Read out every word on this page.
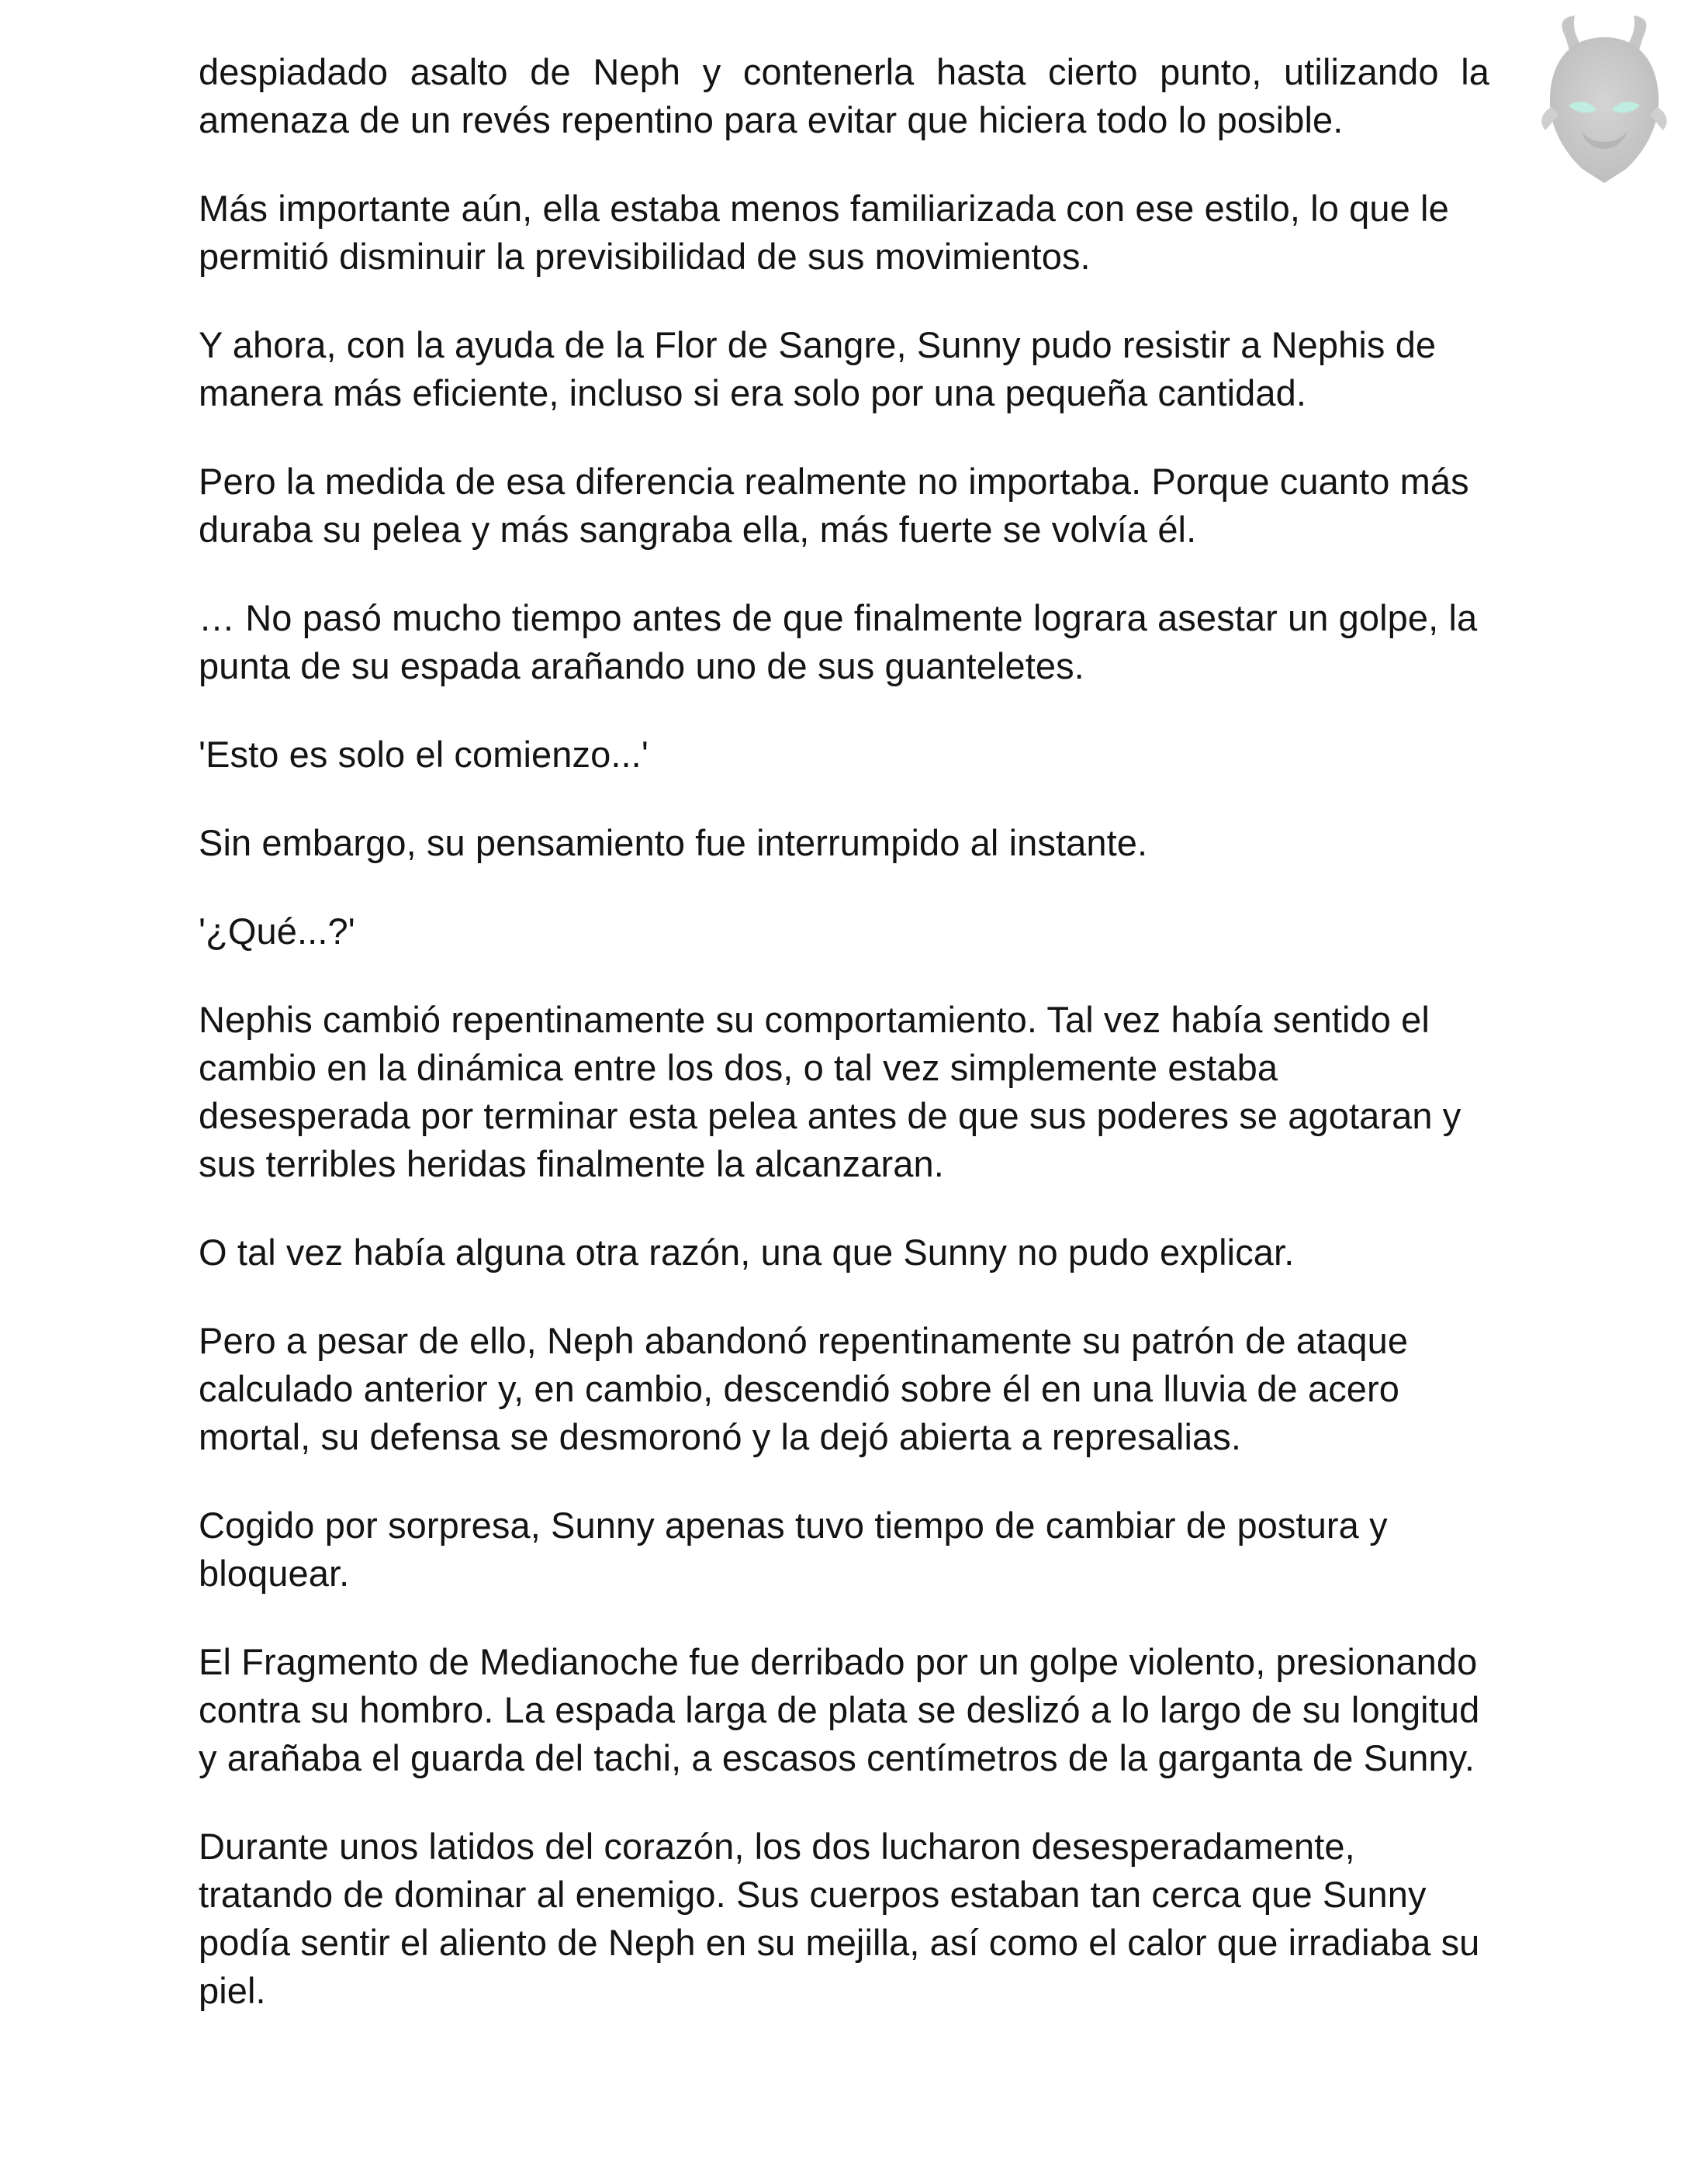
despiadado asalto de Neph y contenerla hasta cierto punto, utilizando la amenaza de un revés repentino para evitar que hiciera todo lo posible.

Más importante aún, ella estaba menos familiarizada con ese estilo, lo que le permitió disminuir la previsibilidad de sus movimientos.

Y ahora, con la ayuda de la Flor de Sangre, Sunny pudo resistir a Nephis de manera más eficiente, incluso si era solo por una pequeña cantidad.

Pero la medida de esa diferencia realmente no importaba. Porque cuanto más duraba su pelea y más sangraba ella, más fuerte se volvía él.

… No pasó mucho tiempo antes de que finalmente lograra asestar un golpe, la punta de su espada arañando uno de sus guanteletes.

'Esto es solo el comienzo...'

Sin embargo, su pensamiento fue interrumpido al instante.

'¿Qué...?'

Nephis cambió repentinamente su comportamiento. Tal vez había sentido el cambio en la dinámica entre los dos, o tal vez simplemente estaba desesperada por terminar esta pelea antes de que sus poderes se agotaran y sus terribles heridas finalmente la alcanzaran.

O tal vez había alguna otra razón, una que Sunny no pudo explicar.

Pero a pesar de ello, Neph abandonó repentinamente su patrón de ataque calculado anterior y, en cambio, descendió sobre él en una lluvia de acero mortal, su defensa se desmoronó y la dejó abierta a represalias.

Cogido por sorpresa, Sunny apenas tuvo tiempo de cambiar de postura y bloquear.

El Fragmento de Medianoche fue derribado por un golpe violento, presionando contra su hombro. La espada larga de plata se deslizó a lo largo de su longitud y arañaba el guarda del tachi, a escasos centímetros de la garganta de Sunny.

Durante unos latidos del corazón, los dos lucharon desesperadamente, tratando de dominar al enemigo. Sus cuerpos estaban tan cerca que Sunny podía sentir el aliento de Neph en su mejilla, así como el calor que irradiaba su piel.
